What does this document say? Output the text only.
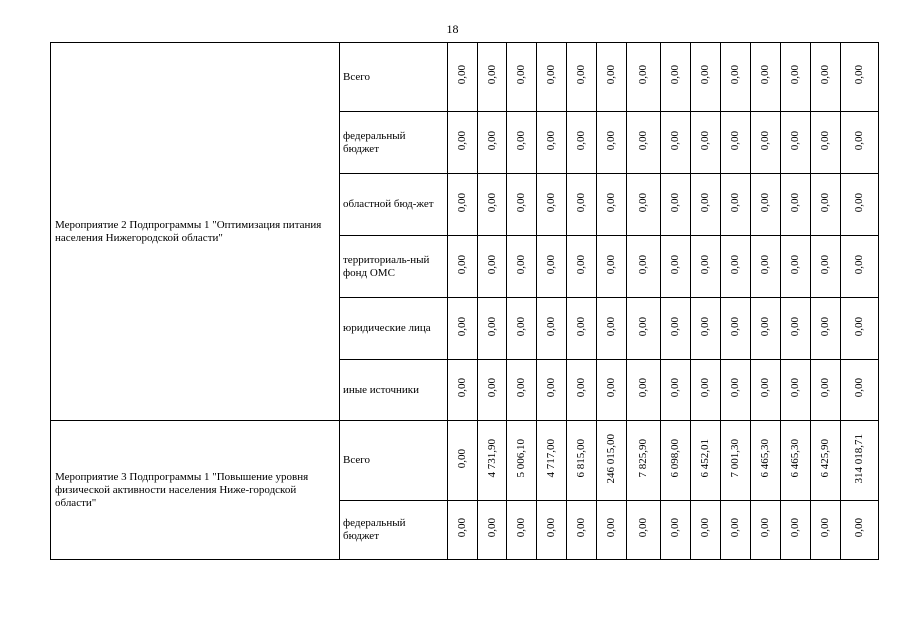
18
Мероприятие 2 Подпрограммы 1 "Оптимизация питания населения Нижегородской области"	Всего	0,00	0,00	0,00	0,00	0,00	0,00	0,00	0,00	0,00	0,00	0,00	0,00	0,00	0,00
	федеральный бюджет	0,00	0,00	0,00	0,00	0,00	0,00	0,00	0,00	0,00	0,00	0,00	0,00	0,00	0,00
	областной бюд-жет	0,00	0,00	0,00	0,00	0,00	0,00	0,00	0,00	0,00	0,00	0,00	0,00	0,00	0,00
	территориаль-ный фонд ОМС	0,00	0,00	0,00	0,00	0,00	0,00	0,00	0,00	0,00	0,00	0,00	0,00	0,00	0,00
	юридические лица	0,00	0,00	0,00	0,00	0,00	0,00	0,00	0,00	0,00	0,00	0,00	0,00	0,00	0,00
	иные источники	0,00	0,00	0,00	0,00	0,00	0,00	0,00	0,00	0,00	0,00	0,00	0,00	0,00	0,00
Мероприятие 3 Подпрограммы 1 "Повышение уровня физической активности населения Ниже-городской области"	Всего	0,00	4 731,90	5 006,10	4 717,00	6 815,00	246 015,00	7 825,90	6 098,00	6 452,01	7 001,30	6 465,30	6 465,30	6 425,90	314 018,71
	федеральный бюджет	0,00	0,00	0,00	0,00	0,00	0,00	0,00	0,00	0,00	0,00	0,00	0,00	0,00	0,00
